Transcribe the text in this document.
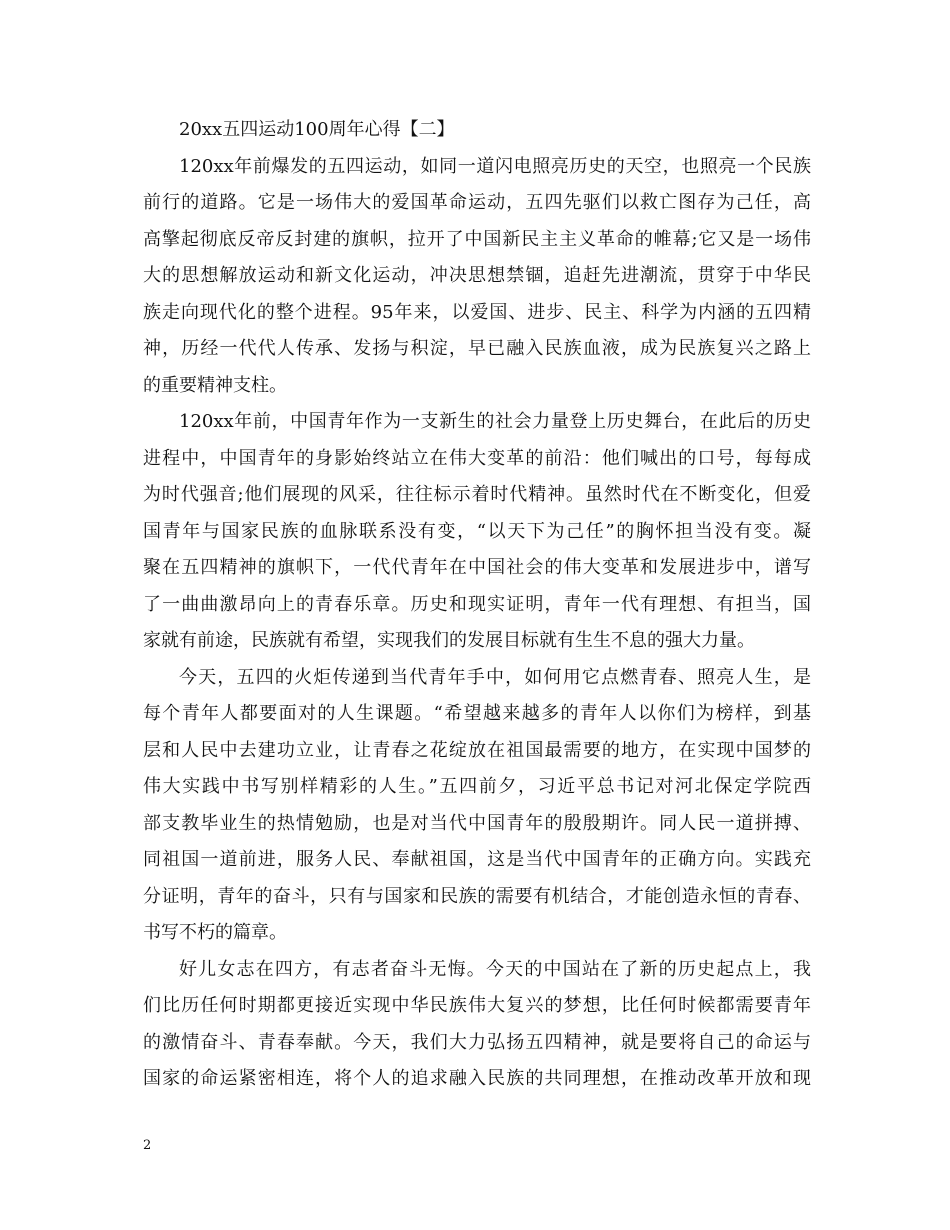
20xx五四运动100周年心得【二】
120xx年前爆发的五四运动，如同一道闪电照亮历史的天空，也照亮一个民族
前行的道路。它是一场伟大的爱国革命运动，五四先驱们以救亡图存为己任，高
高擎起彻底反帝反封建的旗帜，拉开了中国新民主主义革命的帷幕;它又是一场伟
大的思想解放运动和新文化运动，冲决思想禁锢，追赶先进潮流，贯穿于中华民
族走向现代化的整个进程。95年来，以爱国、进步、民主、科学为内涵的五四精
神，历经一代代人传承、发扬与积淀，早已融入民族血液，成为民族复兴之路上
的重要精神支柱。
120xx年前，中国青年作为一支新生的社会力量登上历史舞台，在此后的历史
进程中，中国青年的身影始终站立在伟大变革的前沿：他们喊出的口号，每每成
为时代强音;他们展现的风采，往往标示着时代精神。虽然时代在不断变化，但爱
国青年与国家民族的血脉联系没有变，“以天下为己任”的胸怀担当没有变。凝
聚在五四精神的旗帜下，一代代青年在中国社会的伟大变革和发展进步中，谱写
了一曲曲激昂向上的青春乐章。历史和现实证明，青年一代有理想、有担当，国
家就有前途，民族就有希望，实现我们的发展目标就有生生不息的强大力量。
今天，五四的火炬传递到当代青年手中，如何用它点燃青春、照亮人生，是
每个青年人都要面对的人生课题。“希望越来越多的青年人以你们为榜样，到基
层和人民中去建功立业，让青春之花绽放在祖国最需要的地方，在实现中国梦的
伟大实践中书写别样精彩的人生。”五四前夕，习近平总书记对河北保定学院西
部支教毕业生的热情勉励，也是对当代中国青年的殷殷期许。同人民一道拼搏、
同祖国一道前进，服务人民、奉献祖国，这是当代中国青年的正确方向。实践充
分证明，青年的奋斗，只有与国家和民族的需要有机结合，才能创造永恒的青春、
书写不朽的篇章。
好儿女志在四方，有志者奋斗无悔。今天的中国站在了新的历史起点上，我
们比历任何时期都更接近实现中华民族伟大复兴的梦想，比任何时候都需要青年
的激情奋斗、青春奉献。今天，我们大力弘扬五四精神，就是要将自己的命运与
国家的命运紧密相连，将个人的追求融入民族的共同理想，在推动改革开放和现
2
